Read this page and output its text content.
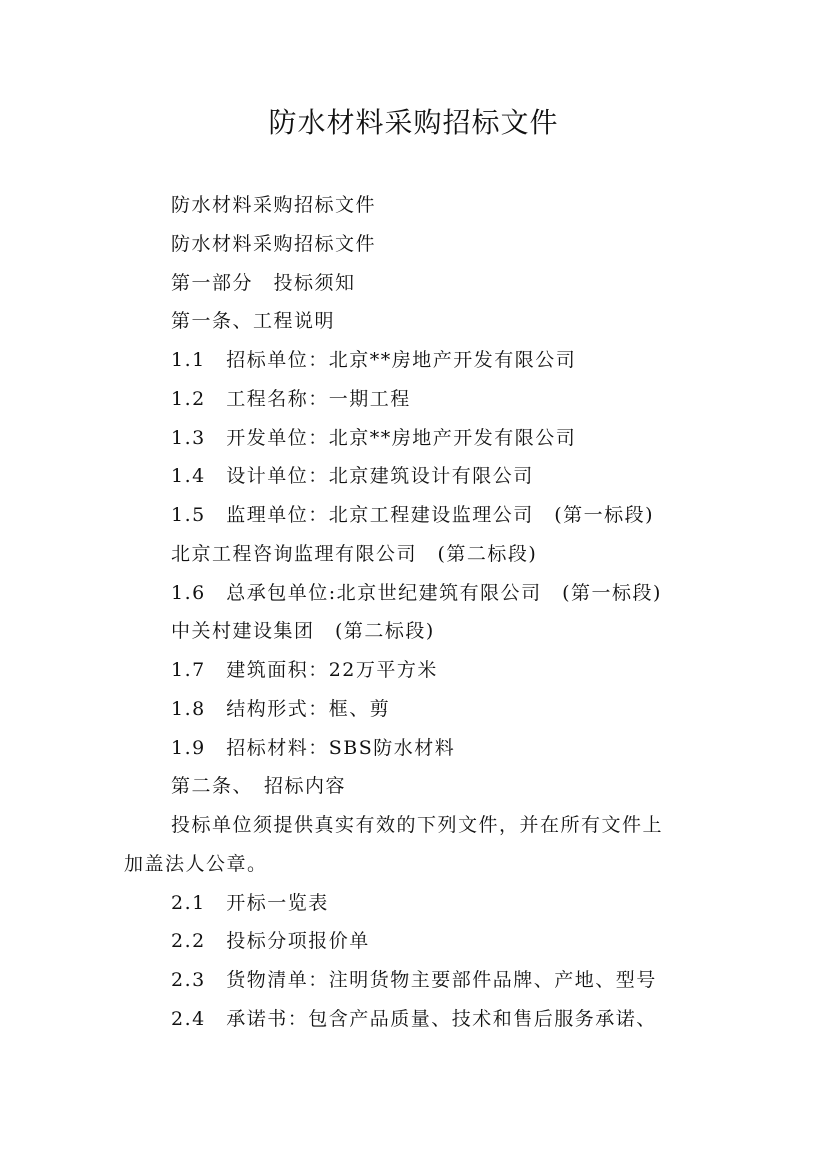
防水材料采购招标文件
防水材料采购招标文件
防水材料采购招标文件
第一部分　投标须知
第一条、工程说明
1.1　招标单位：北京**房地产开发有限公司
1.2　工程名称：一期工程
1.3　开发单位：北京**房地产开发有限公司
1.4　设计单位：北京建筑设计有限公司
1.5　监理单位：北京工程建设监理公司　(第一标段)
北京工程咨询监理有限公司　(第二标段)
1.6　总承包单位:北京世纪建筑有限公司　(第一标段)
中关村建设集团　(第二标段)
1.7　建筑面积：22万平方米
1.8　结构形式：框、剪
1.9　招标材料：SBS防水材料
第二条、　招标内容
投标单位须提供真实有效的下列文件，并在所有文件上
加盖法人公章。
2.1　开标一览表
2.2　投标分项报价单
2.3　货物清单：注明货物主要部件品牌、产地、型号
2.4　承诺书：包含产品质量、技术和售后服务承诺、
